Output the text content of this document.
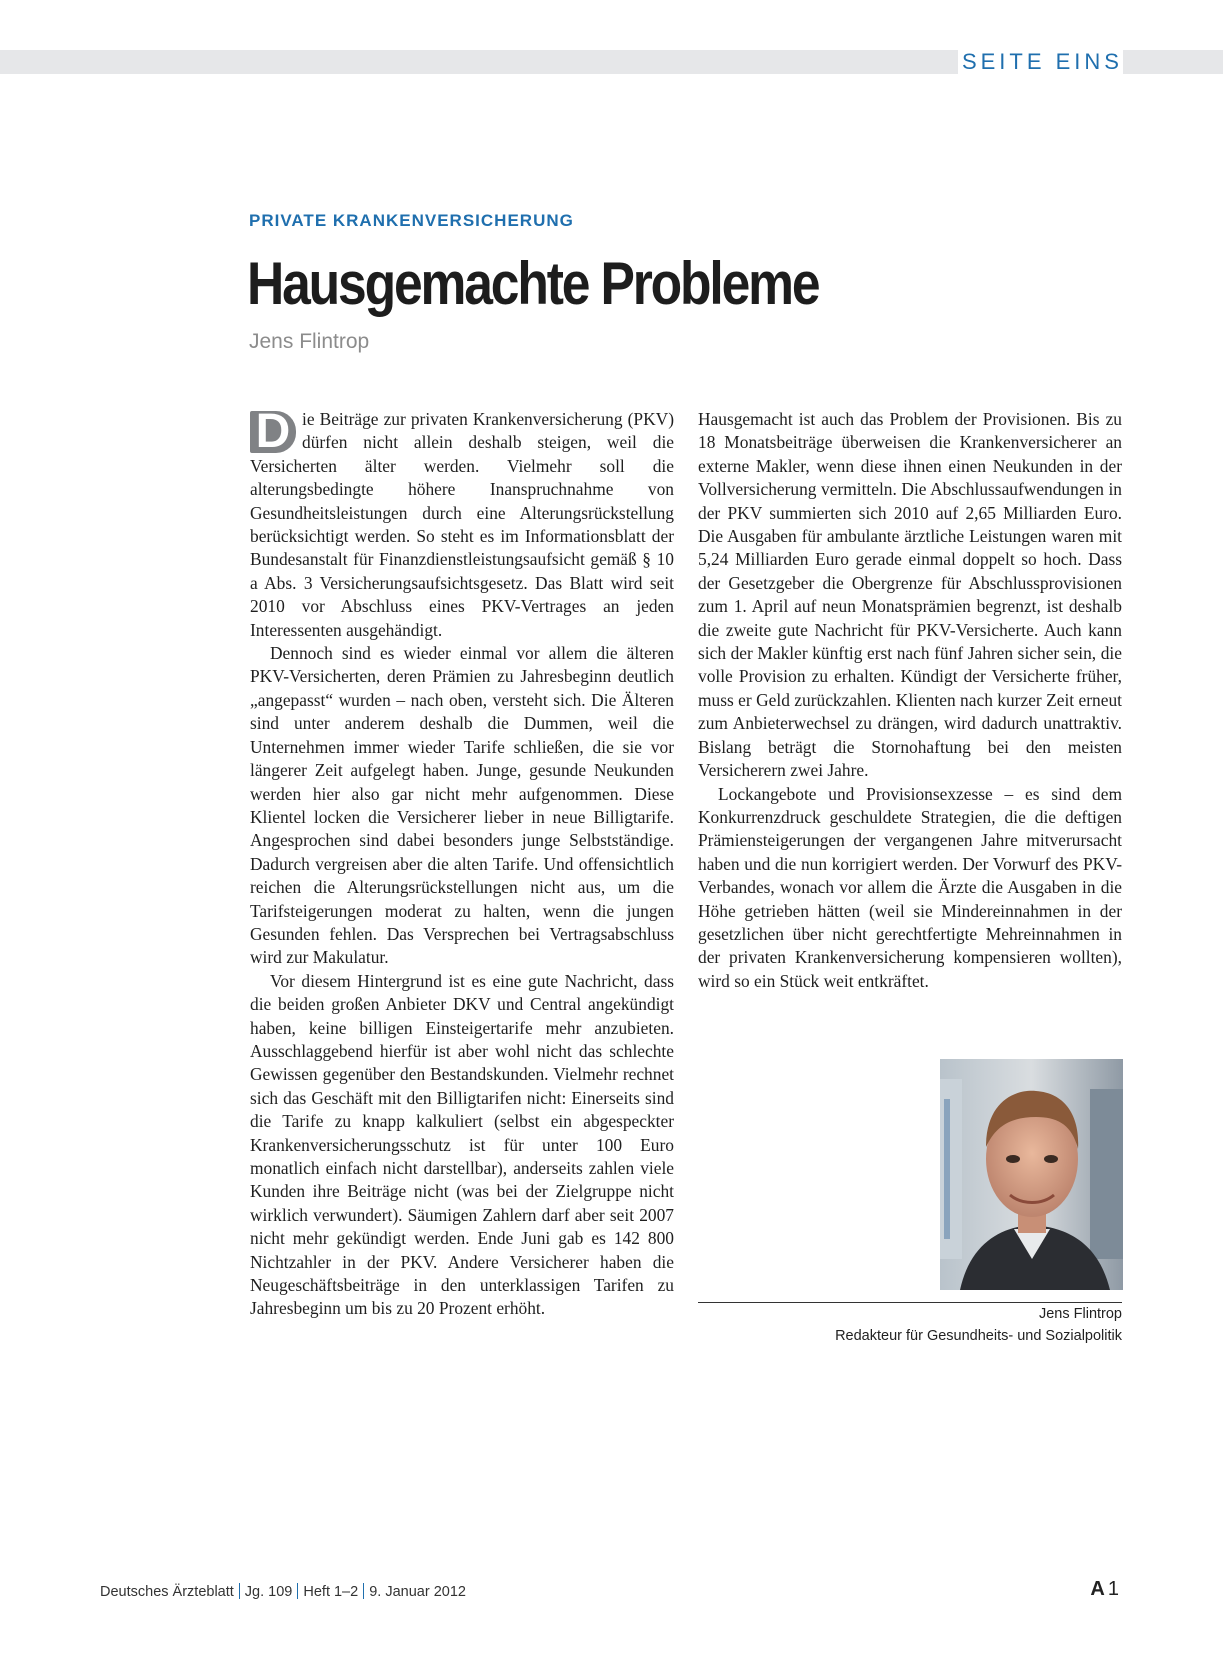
SEITE EINS
PRIVATE KRANKENVERSICHERUNG
Hausgemachte Probleme
Jens Flintrop

D ie Beiträge zur privaten Krankenversicherung (PKV) dürfen nicht allein deshalb steigen, weil die Versicherten älter werden. Vielmehr soll die alterungsbedingte höhere Inanspruchnahme von Gesundheitsleistungen durch eine Alterungsrückstellung berücksichtigt werden. So steht es im Informationsblatt der Bundesanstalt für Finanzdienstleistungsaufsicht gemäß § 10 a Abs. 3 Versicherungsaufsichtsgesetz. Das Blatt wird seit 2010 vor Abschluss eines PKV-Vertrages an jeden Interessenten ausgehändigt.

Dennoch sind es wieder einmal vor allem die älteren PKV-Versicherten, deren Prämien zu Jahresbeginn deutlich „angepasst“ wurden – nach oben, versteht sich. Die Älteren sind unter anderem deshalb die Dummen, weil die Unternehmen immer wieder Tarife schließen, die sie vor längerer Zeit aufgelegt haben. Junge, gesunde Neukunden werden hier also gar nicht mehr aufgenommen. Diese Klientel locken die Versicherer lieber in neue Billigtarife. Angesprochen sind dabei besonders junge Selbstständige. Dadurch vergreisen aber die alten Tarife. Und offensichtlich reichen die Alterungsrückstellungen nicht aus, um die Tarifsteigerungen moderat zu halten, wenn die jungen Gesunden fehlen. Das Versprechen bei Vertragsabschluss wird zur Makulatur.

Vor diesem Hintergrund ist es eine gute Nachricht, dass die beiden großen Anbieter DKV und Central angekündigt haben, keine billigen Einsteigertarife mehr anzubieten. Ausschlaggebend hierfür ist aber wohl nicht das schlechte Gewissen gegenüber den Bestandskunden. Vielmehr rechnet sich das Geschäft mit den Billigtarifen nicht: Einerseits sind die Tarife zu knapp kalkuliert (selbst ein abgespeckter Krankenversicherungsschutz ist für unter 100 Euro monatlich einfach nicht darstellbar), anderseits zahlen viele Kunden ihre Beiträge nicht (was bei der Zielgruppe nicht wirklich verwundert). Säumigen Zahlern darf aber seit 2007 nicht mehr gekündigt werden. Ende Juni gab es 142 800 Nichtzahler in der PKV. Andere Versicherer haben die Neugeschäftsbeiträge in den unterklassigen Tarifen zu Jahresbeginn um bis zu 20 Prozent erhöht.

Hausgemacht ist auch das Problem der Provisionen. Bis zu 18 Monatsbeiträge überweisen die Krankenversicherer an externe Makler, wenn diese ihnen einen Neukunden in der Vollversicherung vermitteln. Die Abschlussaufwendungen in der PKV summierten sich 2010 auf 2,65 Milliarden Euro. Die Ausgaben für ambulante ärztliche Leistungen waren mit 5,24 Milliarden Euro gerade einmal doppelt so hoch. Dass der Gesetzgeber die Obergrenze für Abschlussprovisionen zum 1. April auf neun Monatsprämien begrenzt, ist deshalb die zweite gute Nachricht für PKV-Versicherte. Auch kann sich der Makler künftig erst nach fünf Jahren sicher sein, die volle Provision zu erhalten. Kündigt der Versicherte früher, muss er Geld zurückzahlen. Klienten nach kurzer Zeit erneut zum Anbieterwechsel zu drängen, wird dadurch unattraktiv. Bislang beträgt die Stornohaftung bei den meisten Versicherern zwei Jahre.

Lockangebote und Provisionsexzesse – es sind dem Konkurrenzdruck geschuldete Strategien, die die deftigen Prämiensteigerungen der vergangenen Jahre mitverursacht haben und die nun korrigiert werden. Der Vorwurf des PKV-Verbandes, wonach vor allem die Ärzte die Ausgaben in die Höhe getrieben hätten (weil sie Mindereinnahmen in der gesetzlichen über nicht gerechtfertigte Mehreinnahmen in der privaten Krankenversicherung kompensieren wollten), wird so ein Stück weit entkräftet.

Jens Flintrop
Redakteur für Gesundheits- und Sozialpolitik
Deutsches Ärzteblatt Jg. 109 Heft 1–2 9. Januar 2012	A 1
